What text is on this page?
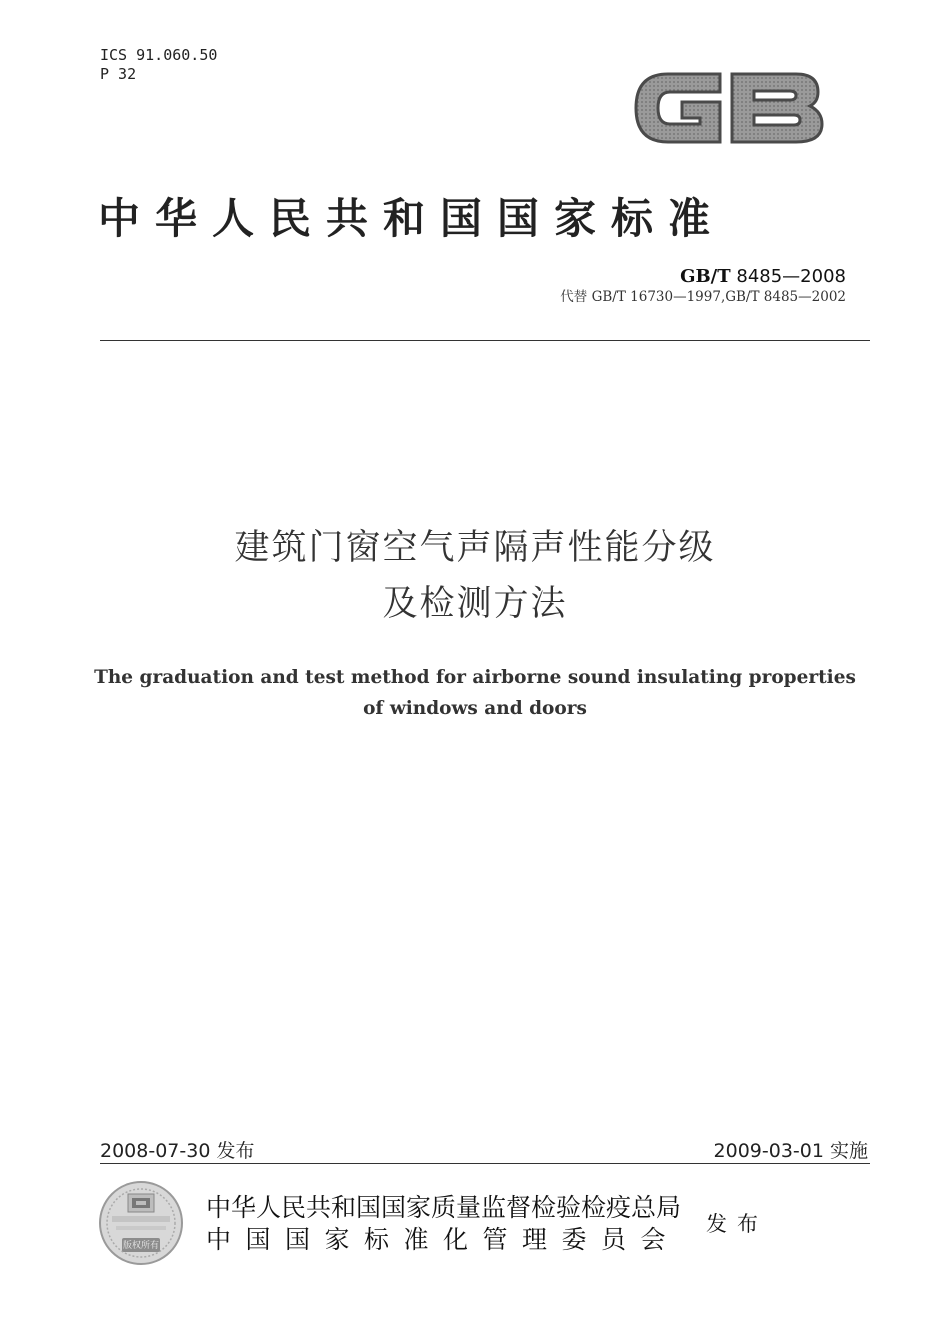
ICS 91.060.50
P 32
GB
中华人民共和国国家标准
GB/T 8485—2008
代替 GB/T 16730—1997,GB/T 8485—2002
建筑门窗空气声隔声性能分级
及检测方法
The graduation and test method for airborne sound insulating properties
of windows and doors
2008-07-30 发布	2009-03-01 实施
版权所有
中华人民共和国国家质量监督检验检疫总局
中国国家标准化管理委员会
发布
